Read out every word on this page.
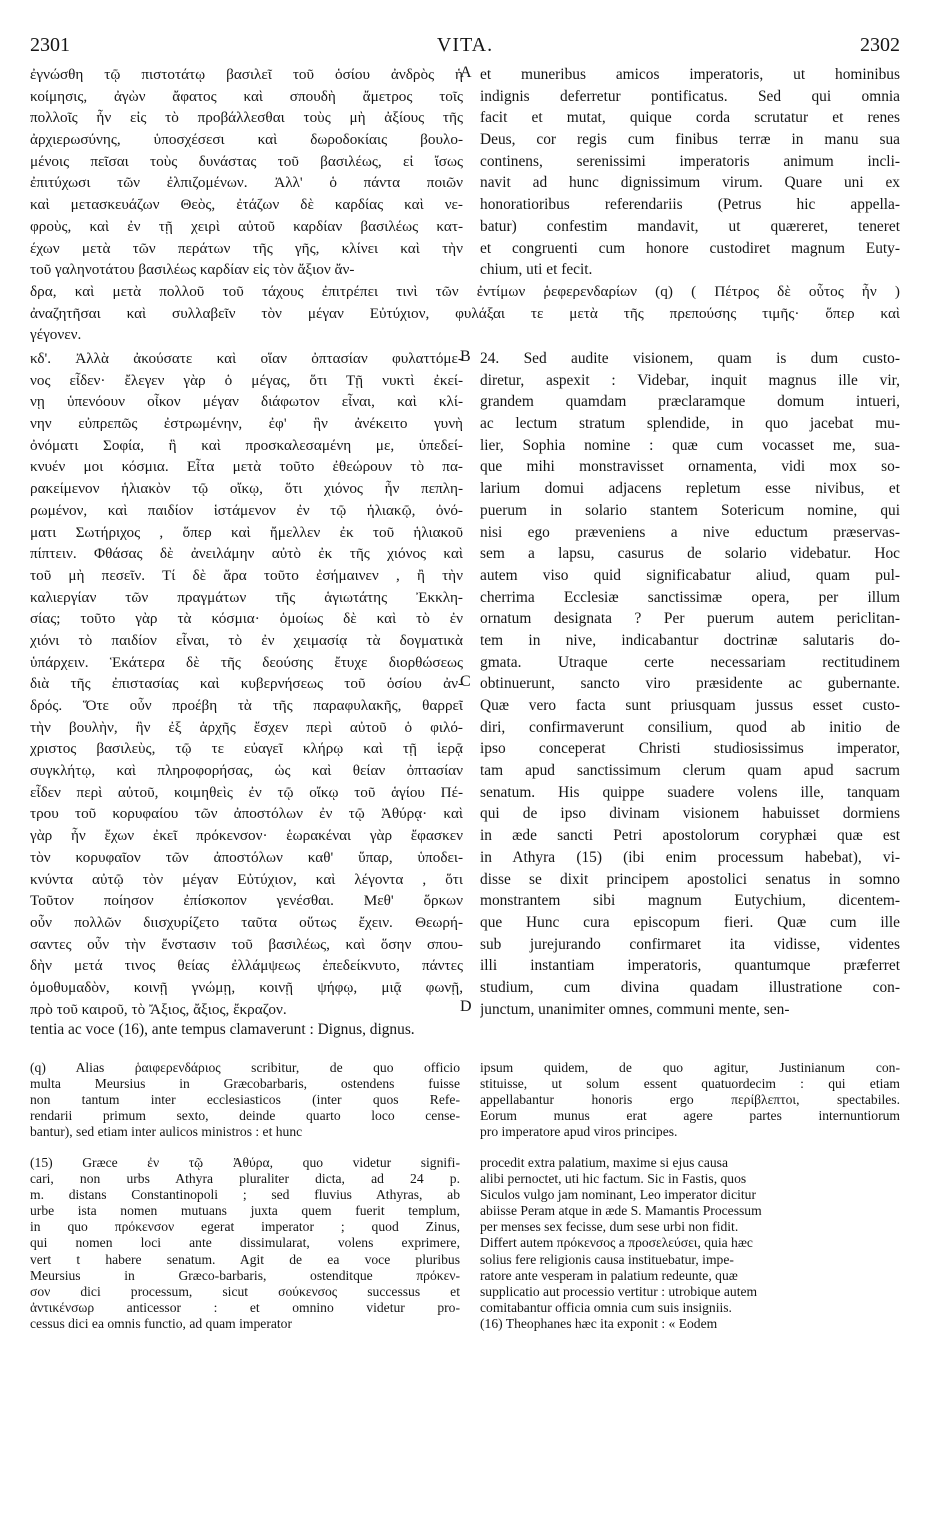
2301	VITA.	2302
ἐγνώσθη τῷ πιστοτάτῳ βασιλεῖ τοῦ ὁσίου ἀνδρὸς ἡ
κοίμησις, ἀγὼν ἄφατος καὶ σπουδὴ ἄμετρος τοῖς
πολλοῖς ἦν εἰς τὸ προβάλλεσθαι τοὺς μὴ ἀξίους τῆς
ἀρχιερωσύνης, ὑποσχέσεσι καὶ δωροδοκίαις βουλο-
μένοις πεῖσαι τοὺς δυνάστας τοῦ βασιλέως, εἰ ἴσως
ἐπιτύχωσι τῶν ἐλπιζομένων. Ἀλλ' ὁ πάντα ποιῶν
καὶ μετασκευάζων Θεὸς, ἐτάζων δὲ καρδίας καὶ νε-
φροὺς, καὶ ἐν τῇ χειρὶ αὐτοῦ καρδίαν βασιλέως κατ-
έχων μετὰ τῶν περάτων τῆς γῆς, κλίνει καὶ τὴν
τοῦ γαληνοτάτου βασιλέως καρδίαν εἰς τὸν ἄξιον ἄν-
et muneribus amicos imperatoris, ut hominibus
indignis deferretur pontificatus. Sed qui omnia
facit et mutat, quique corda scrutatur et renes
Deus, cor regis cum finibus terræ in manu sua
continens, serenissimi imperatoris animum incli-
navit ad hunc dignissimum virum. Quare uni ex
honoratioribus referendariis (Petrus hic appella-
batur) confestim mandavit, ut quæreret, teneret
et congruenti cum honore custodiret magnum Euty-
chium, uti et fecit.
δρα, καὶ μετὰ πολλοῦ τοῦ τάχους ἐπιτρέπει τινὶ τῶν ἐντίμων ῥεφερενδαρίων (q) ( Πέτρος δὲ οὗτος ἦν )
ἀναζητῆσαι καὶ συλλαβεῖν τὸν μέγαν Εὐτύχιον, φυλάξαι τε μετὰ τῆς πρεπούσης τιμῆς· ὅπερ καὶ
γέγονεν.
κδ'. Ἀλλὰ ἀκούσατε καὶ οἵαν ὀπτασίαν φυλαττόμε-
νος εἶδεν· ἔλεγεν γὰρ ὁ μέγας, ὅτι Τῇ νυκτὶ ἐκεί-
νῃ ὑπενόουν οἶκον μέγαν διάφωτον εἶναι, καὶ κλί-
νην εὐπρεπῶς ἐστρωμένην, ἐφ' ἣν ἀνέκειτο γυνὴ
ὀνόματι Σοφία, ἣ καὶ προσκαλεσαμένη με, ὑπεδεί-
κνυέν μοι κόσμια. Εἶτα μετὰ τοῦτο ἐθεώρουν τὸ πα-
ρακείμενον ἡλιακὸν τῷ οἴκῳ, ὅτι χιόνος ἦν πεπλη-
ρωμένον, καὶ παιδίον ἱστάμενον ἐν τῷ ἡλιακῷ, ὀνό-
ματι Σωτήριχος , ὅπερ καὶ ἤμελλεν ἐκ τοῦ ἡλιακοῦ
πίπτειν. Φθάσας δὲ ἀνειλάμην αὐτὸ ἐκ τῆς χιόνος καὶ
τοῦ μὴ πεσεῖν. Τί δὲ ἄρα τοῦτο ἐσήμαινεν , ἢ τὴν
καλιεργίαν τῶν πραγμάτων τῆς ἁγιωτάτης Ἐκκλη-
σίας; τοῦτο γὰρ τὰ κόσμια· ὁμοίως δὲ καὶ τὸ ἐν
χιόνι τὸ παιδίον εἶναι, τὸ ἐν χειμασίᾳ τὰ δογματικὰ
ὑπάρχειν. Ἑκάτερα δὲ τῆς δεούσης ἔτυχε διορθώσεως
διὰ τῆς ἐπιστασίας καὶ κυβερνήσεως τοῦ ὁσίου ἀν-
δρός. Ὅτε οὖν προέβη τὰ τῆς παραφυλακῆς, θαρρεῖ
τὴν βουλὴν, ἣν ἐξ ἀρχῆς ἔσχεν περὶ αὐτοῦ ὁ φιλό-
χριστος βασιλεὺς, τῷ τε εὐαγεῖ κλήρῳ καὶ τῇ ἱερᾷ
συγκλήτῳ, καὶ πληροφορήσας, ὡς καὶ θείαν ὀπτασίαν
εἶδεν περὶ αὐτοῦ, κοιμηθεὶς ἐν τῷ οἴκῳ τοῦ ἁγίου Πέ-
τρου τοῦ κορυφαίου τῶν ἀποστόλων ἐν τῷ Ἀθύρᾳ· καὶ
γὰρ ἦν ἔχων ἐκεῖ πρόκενσον· ἑωρακέναι γὰρ ἔφασκεν
τὸν κορυφαῖον τῶν ἀποστόλων καθ' ὕπαρ, ὑποδει-
κνύντα αὐτῷ τὸν μέγαν Εὐτύχιον, καὶ λέγοντα , ὅτι
Τοῦτον ποίησον ἐπίσκοπον γενέσθαι. Μεθ' ὅρκων
οὖν πολλῶν διισχυρίζετο ταῦτα οὕτως ἔχειν. Θεωρή-
σαντες οὖν τὴν ἔνστασιν τοῦ βασιλέως, καὶ ὅσην σπου-
δὴν μετά τινος θείας ἐλλάμψεως ἐπεδείκνυτο, πάντες
ὁμοθυμαδὸν, κοινῇ γνώμῃ, κοινῇ ψήφῳ, μιᾷ φωνῇ,
πρὸ τοῦ καιροῦ, τὸ Ἄξιος, ἄξιος, ἔκραζον.
24. Sed audite visionem, quam is dum custo-
diretur, aspexit : Videbar, inquit magnus ille vir,
grandem quamdam præclaramque domum intueri,
ac lectum stratum splendide, in quo jacebat mu-
lier, Sophia nomine : quæ cum vocasset me, sua-
que mihi monstravisset ornamenta, vidi mox so-
larium domui adjacens repletum esse nivibus, et
puerum in solario stantem Sotericum nomine, qui
nisi ego præveniens a nive eductum præservas-
sem a lapsu, casurus de solario videbatur. Hoc
autem viso quid significabatur aliud, quam pul-
cherrima Ecclesiæ sanctissimæ opera, per illum
ornatum designata ? Per puerum autem periclitan-
tem in nive, indicabantur doctrinæ salutaris do-
gmata. Utraque certe necessariam rectitudinem
obtinuerunt, sancto viro præsidente ac gubernante.
Quæ vero facta sunt priusquam jussus esset custo-
diri, confirmaverunt consilium, quod ab initio de
ipso conceperat Christi studiosissimus imperator,
tam apud sanctissimum clerum quam apud sacrum
senatum. His quippe suadere volens ille, tanquam
qui de ipso divinam visionem habuisset dormiens
in æde sancti Petri apostolorum coryphæi quæ est
in Athyra (15) (ibi enim processum habebat), vi-
disse se dixit principem apostolici senatus in somno
monstrantem sibi magnum Eutychium, dicentem-
que Hunc cura episcopum fieri. Quæ cum ille
sub jurejurando confirmaret ita vidisse, videntes
illi instantiam imperatoris, quantumque præferret
studium, cum divina quadam illustratione con-
junctum, unanimiter omnes, communi mente, sen-
tentia ac voce (16), ante tempus clamaverunt : Dignus, dignus.
A
B
C
D
(q) Alias ῥαιφερενδάριος scribitur, de quo officio
multa Meursius in Græcobarbaris, ostendens fuisse
non tantum inter ecclesiasticos (inter quos Refe-
rendarii primum sexto, deinde quarto loco cense-
bantur), sed etiam inter aulicos ministros : et hunc
ipsum quidem, de quo agitur, Justinianum con-
stituisse, ut solum essent quatuordecim : qui etiam
appellabantur honoris ergo περίβλεπτοι, spectabiles.
Eorum munus erat agere partes internuntiorum
pro imperatore apud viros principes.
(15) Græce ἐν τῷ Ἀθύρα, quo videtur signifi-
cari, non urbs Athyra pluraliter dicta, ad 24 p.
m. distans Constantinopoli ; sed fluvius Athyras, ab
urbe ista nomen mutuans juxta quem fuerit templum,
in quo πρόκενσον egerat imperator ; quod Zinus,
qui nomen loci ante dissimularat, volens exprimere,
vert t habere senatum. Agit de ea voce pluribus
Meursius in Græco-barbaris, ostenditque πρόκεν-
σον dici processum, sicut σούκενσος successus et
ἀντικένσωρ anticessor : et omnino videtur pro-
cessus dici ea omnis functio, ad quam imperator
procedit extra palatium, maxime si ejus causa
alibi pernoctet, uti hic factum. Sic in Fastis, quos
Siculos vulgo jam nominant, Leo imperator dicitur
abiisse Peram atque in æde S. Mamantis Processum
per menses sex fecisse, dum sese urbi non fidit.
Differt autem πρόκενσος a προσελεύσει, quia hæc
solius fere religionis causa instituebatur, impe-
ratore ante vesperam in palatium redeunte, quæ
supplicatio aut processio vertitur : utrobique autem
comitabantur officia omnia cum suis insigniis.
(16) Theophanes hæc ita exponit : « Eodem
